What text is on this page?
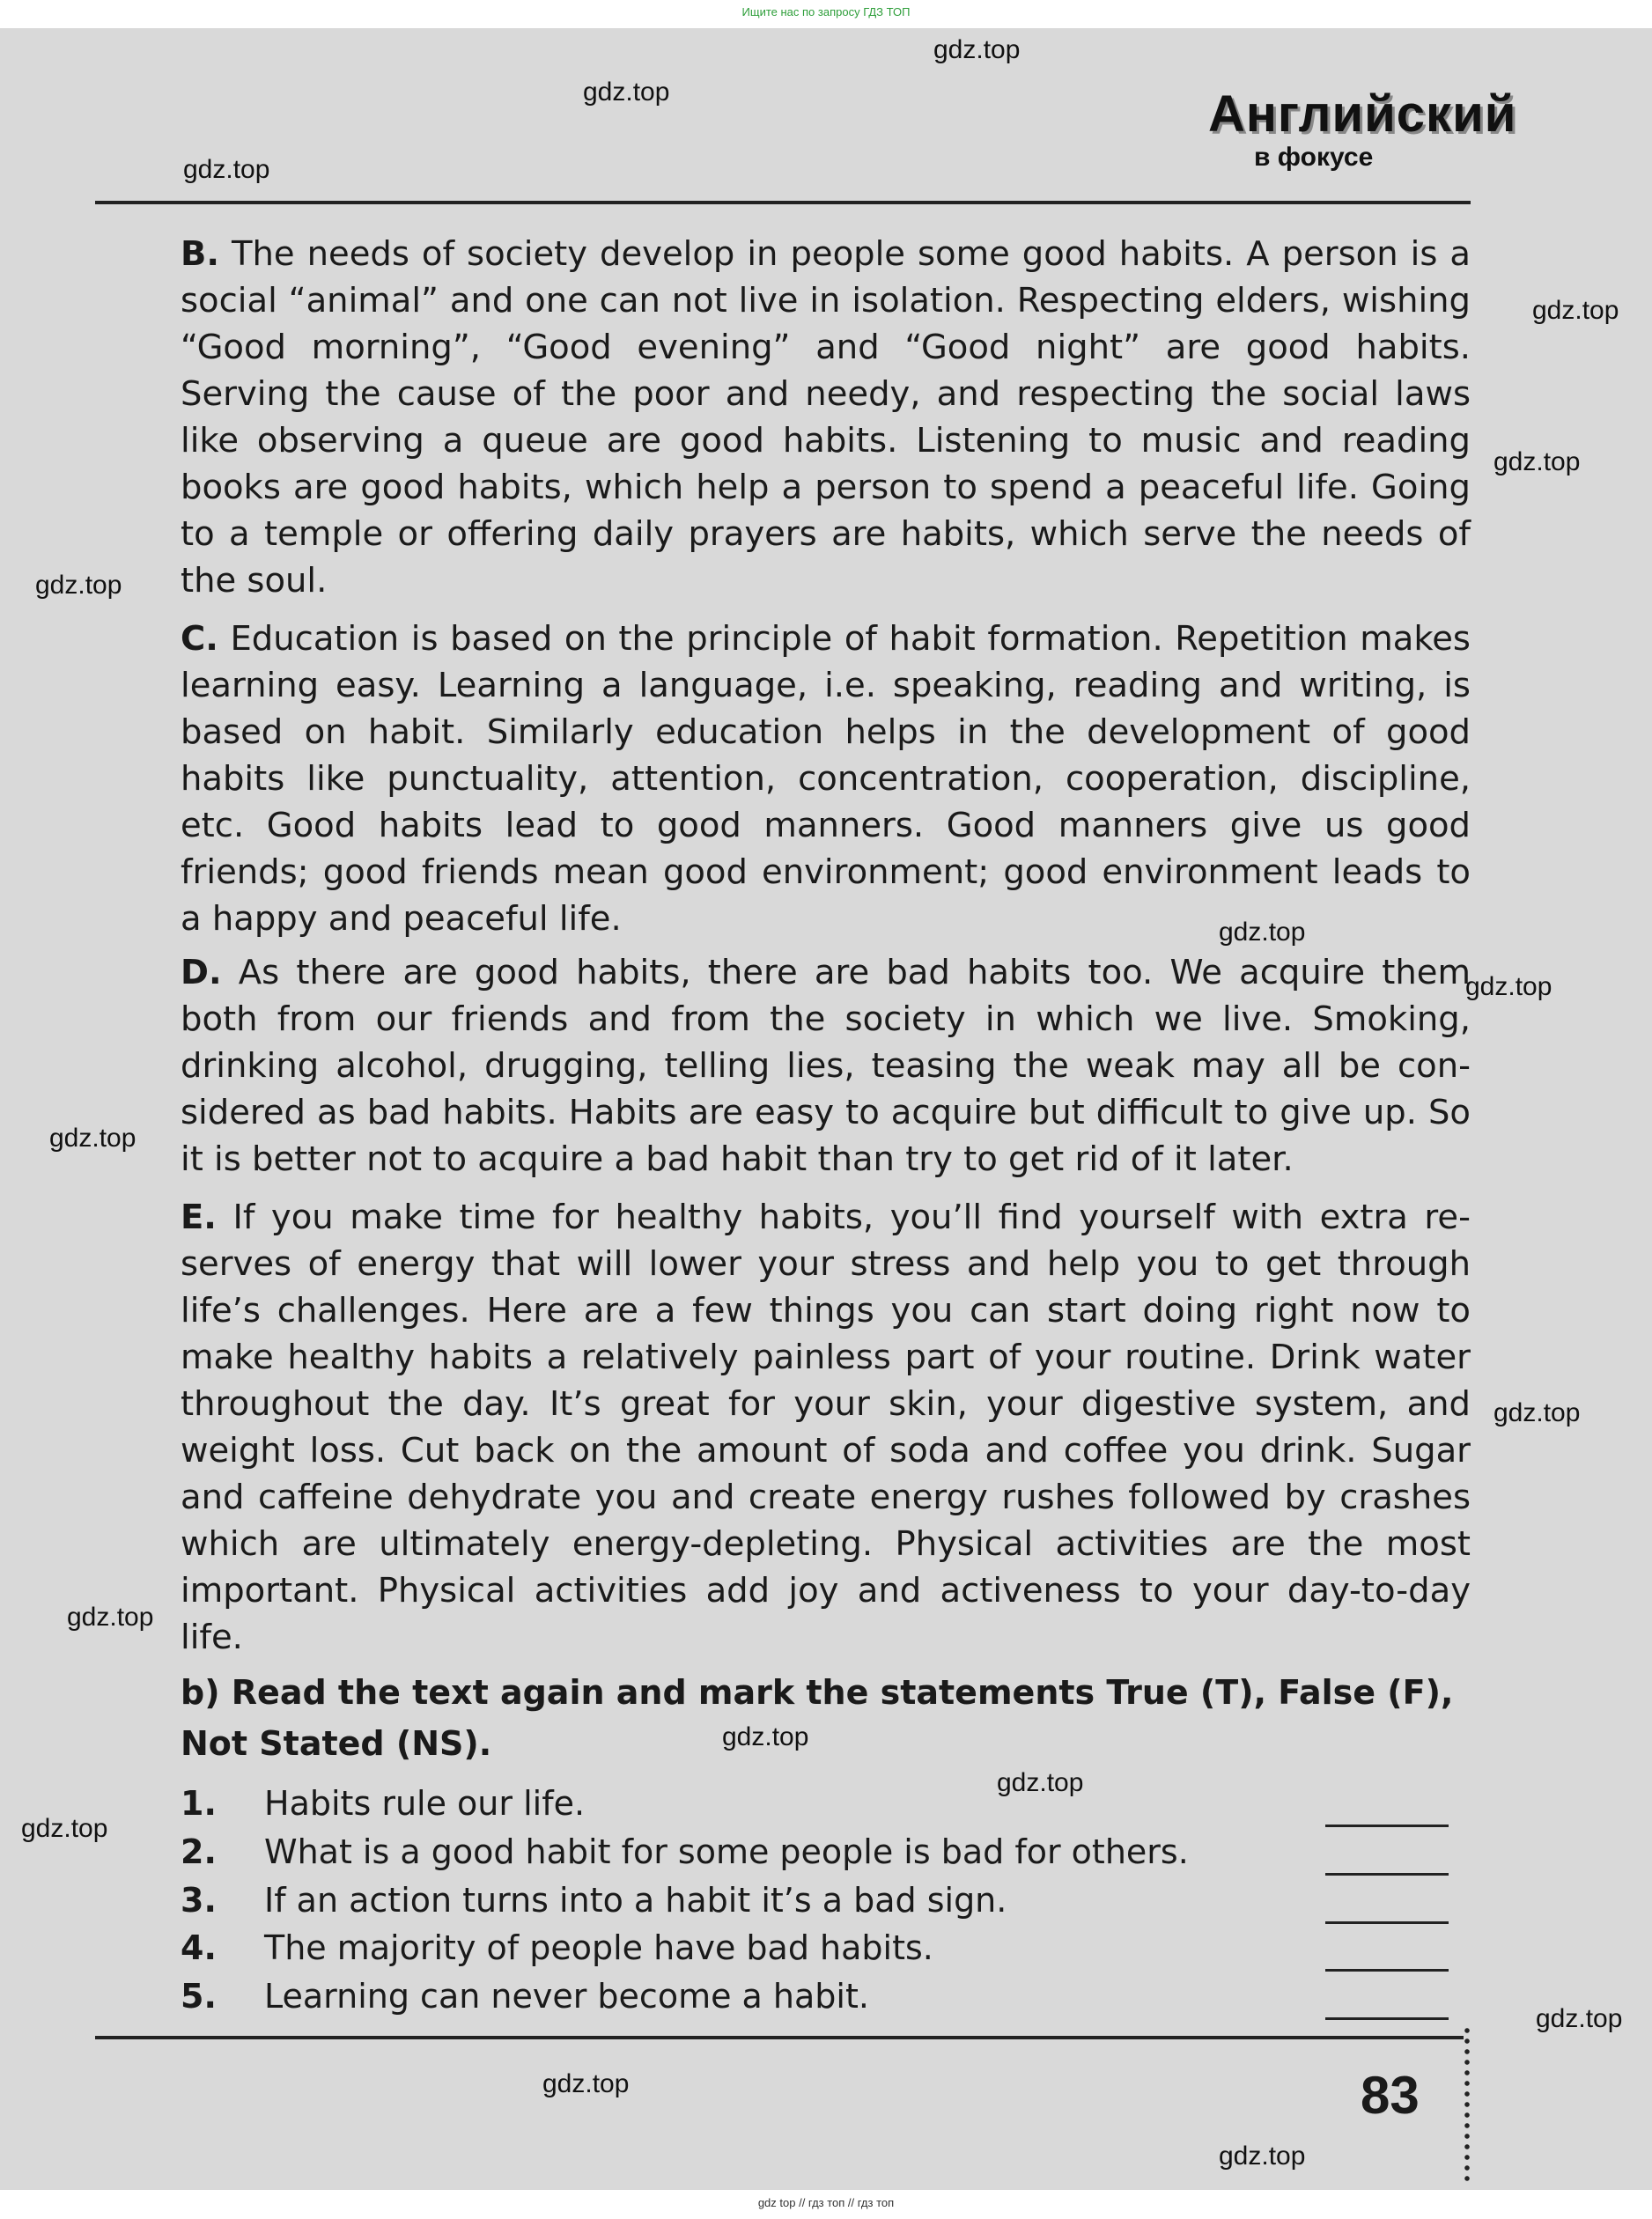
Ищите нас по запросу ГДЗ ТОП
Английский
в фокусе

B. The needs of society develop in people some good habits. A person is a social “animal” and one can not live in isolation. Respecting elders, wishing “Good morning”, “Good evening” and “Good night” are good habits. Serving the cause of the poor and needy, and respecting the social laws like observing a queue are good habits. Listening to music and reading books are good habits, which help a person to spend a peaceful life. Going to a temple or offering daily prayers are habits, which serve the needs of the soul.

C. Education is based on the principle of habit formation. Repetition makes learning easy. Learning a language, i.e. speaking, reading and writing, is based on habit. Similarly education helps in the development of good habits like punctuality, attention, concentration, cooperation, discipline, etc. Good habits lead to good manners. Good manners give us good friends; good friends mean good environment; good environment leads to a happy and peaceful life.

D. As there are good habits, there are bad habits too. We acquire them both from our friends and from the society in which we live. Smoking, drinking alcohol, drugging, telling lies, teasing the weak may all be considered as bad habits. Habits are easy to acquire but difficult to give up. So it is better not to acquire a bad habit than try to get rid of it later.

E. If you make time for healthy habits, you’ll find yourself with extra reserves of energy that will lower your stress and help you to get through life’s challenges. Here are a few things you can start doing right now to make healthy habits a relatively painless part of your routine. Drink water throughout the day. It’s great for your skin, your digestive system, and weight loss. Cut back on the amount of soda and coffee you drink. Sugar and caffeine dehydrate you and create energy rushes followed by crashes which are ultimately energy-depleting. Physical activities are the most important. Physical activities add joy and activeness to your day-to-day life.

b) Read the text again and mark the statements True (T), False (F), Not Stated (NS).

1. Habits rule our life.
2. What is a good habit for some people is bad for others.
3. If an action turns into a habit it’s a bad sign.
4. The majority of people have bad habits.
5. Learning can never become a habit.
83
gdz.top
gdz.top
gdz.top
gdz.top
gdz.top
gdz.top
gdz.top
gdz.top
gdz.top
gdz.top
gdz.top
gdz.top
gdz.top
gdz.top
gdz.top
gdz.top
gdz.top
gdz top // гдз топ // гдз топ
